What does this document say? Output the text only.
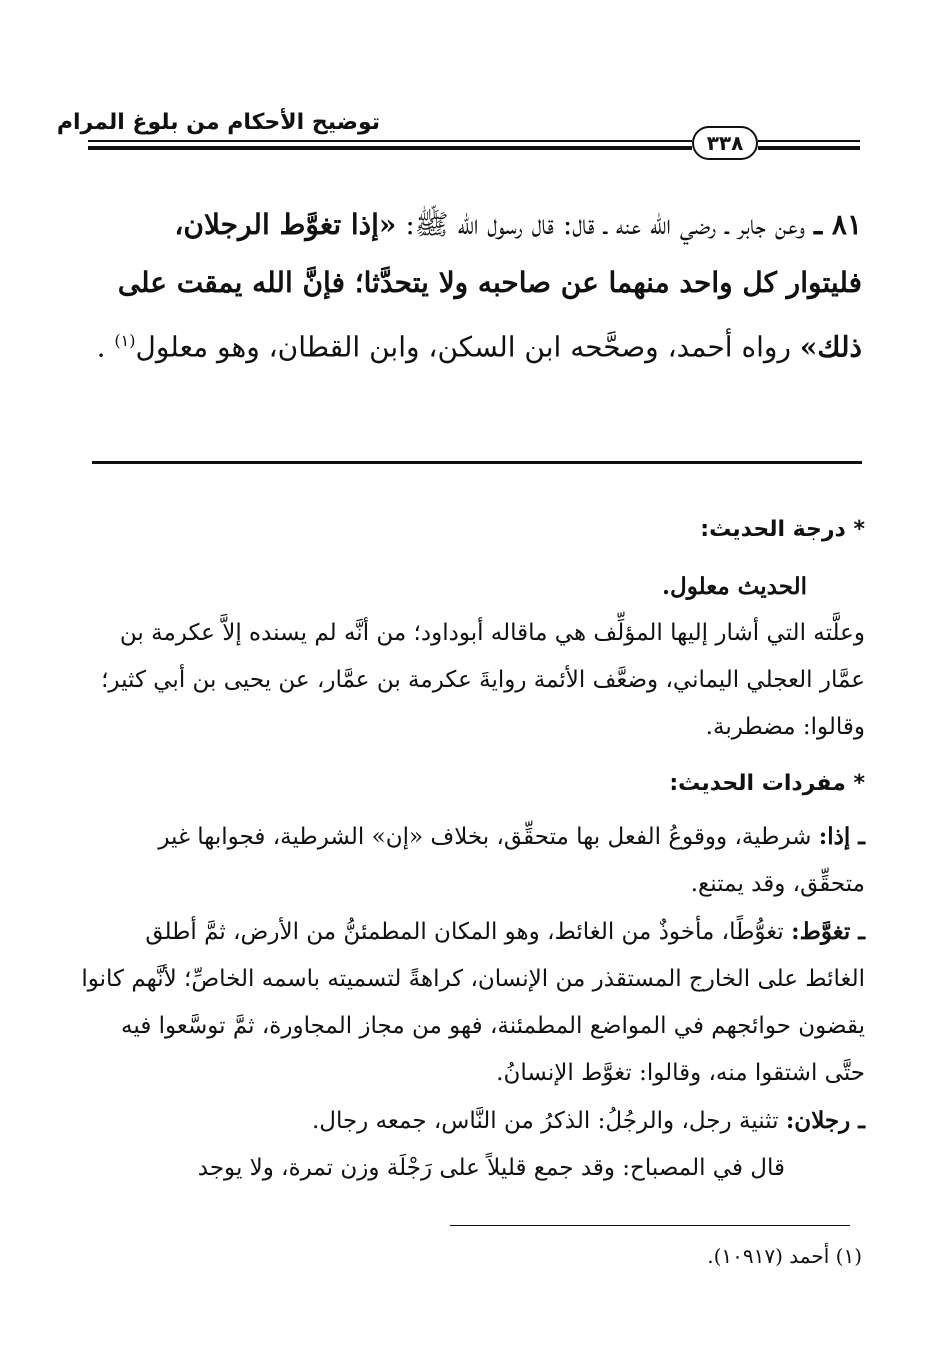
توضيح الأحكام من بلوغ المرام
٣٣٨
٨١ ـ وعن جابر ـ رضي الله عنه ـ قال: قال رسول الله ﷺ: «إذا تغوَّط الرجلان، فليتوار كل واحد منهما عن صاحبه ولا يتحدَّثا؛ فإنَّ الله يمقت على ذلك» رواه أحمد، وصحَّحه ابن السكن، وابن القطان، وهو معلول$^{(١)}$ .
* درجة الحديث:
الحديث معلول.
وعلَّته التي أشار إليها المؤلِّف هي ماقاله أبوداود؛ من أنَّه لم يسنده إلاَّ عكرمة بن عمَّار العجلي اليماني، وضعَّف الأئمة روايةَ عكرمة بن عمَّار، عن يحيى بن أبي كثير؛ وقالوا: مضطربة.
* مفردات الحديث:
ـ إذا: شرطية، ووقوعُ الفعل بها متحقِّق، بخلاف «إن» الشرطية، فجوابها غير متحقِّق، وقد يمتنع.
ـ تغوَّط: تغوُّطًا، مأخوذٌ من الغائط، وهو المكان المطمئنُّ من الأرض، ثمَّ أطلق الغائط على الخارج المستقذر من الإنسان، كراهةً لتسميته باسمه الخاصِّ؛ لأنَّهم كانوا يقضون حوائجهم في المواضع المطمئنة، فهو من مجاز المجاورة، ثمَّ توسَّعوا فيه حتَّى اشتقوا منه، وقالوا: تغوَّط الإنسانُ.
ـ رجلان: تثنية رجل، والرجُلُ: الذكرُ من النَّاس، جمعه رجال.
قال في المصباح: وقد جمع قليلاً على رَجْلَة وزن تمرة، ولا يوجد
(١) أحمد (١٠٩١٧).
